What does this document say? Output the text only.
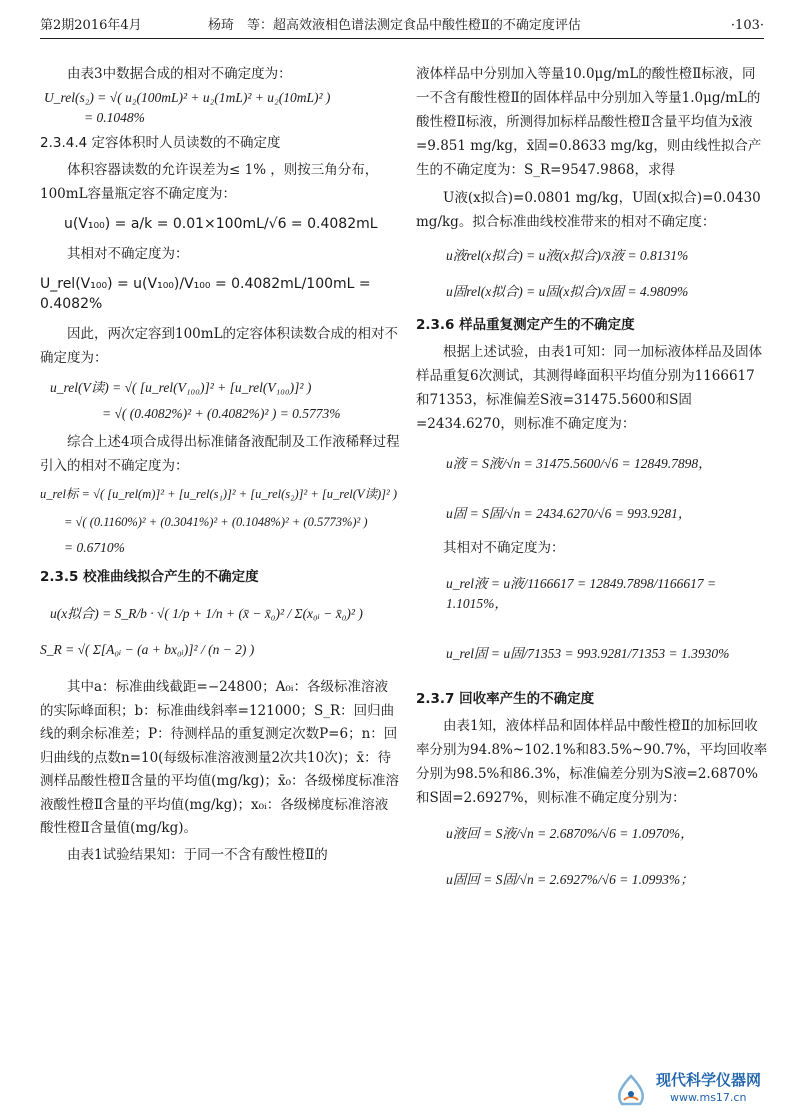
第2期2016年4月	杨琦　等：超高效液相色谱法测定食品中酸性橙Ⅱ的不确定度评估	·103·

由表3中数据合成的相对不确定度为：

U_rel(s₂) = √( u₂(100mL)² + u₂(1mL)² + u₂(10mL)² )
= 0.1048%
2.3.4.4 定容体积时人员读数的不确定度

体积容器读数的允许误差为≤ 1% ，则按三角分布，100mL容量瓶定容不确定度为：

u(V₁₀₀) = a/k = 0.01×100mL/√6 = 0.4082mL

其相对不确定度为：

U_rel(V₁₀₀) = u(V₁₀₀)/V₁₀₀ = 0.4082mL/100mL = 0.4082%

因此，两次定容到100mL的定容体积读数合成的相对不确定度为：

u_rel(V读) = √( [u_rel(V₁₀₀)]² + [u_rel(V₁₀₀)]² )
= √( (0.4082%)² + (0.4082%)² ) = 0.5773%

综合上述4项合成得出标准储备液配制及工作液稀释过程引入的相对不确定度为：

u_rel标 = √( [u_rel(m)]² + [u_rel(s₁)]² + [u_rel(s₂)]² + [u_rel(V读)]² )
= √( (0.1160%)² + (0.3041%)² + (0.1048%)² + (0.5773%)² )
= 0.6710%
2.3.5 校准曲线拟合产生的不确定度
u(x拟合) = S_R/b · √( 1/p + 1/n + (x̄ − x̄₀)² / Σ(x₀ᵢ − x̄₀)² )
S_R = √( Σ[A₀ᵢ − (a + bx₀ᵢ)]² / (n − 2) )

其中a：标准曲线截距=−24800；A₀ᵢ：各级标准溶液的实际峰面积；b：标准曲线斜率=121000；S_R：回归曲线的剩余标准差；P：待测样品的重复测定次数P=6；n：回归曲线的点数n=10(每级标准溶液测量2次共10次)；x̄：待测样品酸性橙Ⅱ含量的平均值(mg/kg)；x̄₀：各级梯度标准溶液酸性橙Ⅱ含量的平均值(mg/kg)；x₀ᵢ：各级梯度标准溶液酸性橙Ⅱ含量值(mg/kg)。

由表1试验结果知：于同一不含有酸性橙Ⅱ的

液体样品中分别加入等量10.0μg/mL的酸性橙Ⅱ标液，同一不含有酸性橙Ⅱ的固体样品中分别加入等量1.0μg/mL的酸性橙Ⅱ标液，所测得加标样品酸性橙Ⅱ含量平均值为x̄液=9.851 mg/kg，x̄固=0.8633 mg/kg，则由线性拟合产生的不确定度为：S_R=9547.9868，求得

U液(x拟合)=0.0801 mg/kg，U固(x拟合)=0.0430 mg/kg。拟合标准曲线校准带来的相对不确定度：

u液rel(x拟合) = u液(x拟合)/x̄液 = 0.8131%
u固rel(x拟合) = u固(x拟合)/x̄固 = 4.9809%
2.3.6 样品重复测定产生的不确定度

根据上述试验，由表1可知：同一加标液体样品及固体样品重复6次测试，其测得峰面积平均值分别为1166617和71353，标准偏差S液=31475.5600和S固=2434.6270，则标准不确定度为：

u液 = S液/√n = 31475.5600/√6 = 12849.7898，
u固 = S固/√n = 2434.6270/√6 = 993.9281，

其相对不确定度为：

u_rel液 = u液/1166617 = 12849.7898/1166617 = 1.1015%，
u_rel固 = u固/71353 = 993.9281/71353 = 1.3930%
2.3.7 回收率产生的不确定度

由表1知，液体样品和固体样品中酸性橙Ⅱ的加标回收率分别为94.8%~102.1%和83.5%~90.7%，平均回收率分别为98.5%和86.3%，标准偏差分别为S液=2.6870%和S固=2.6927%，则标准不确定度分别为：

u液回 = S液/√n = 2.6870%/√6 = 1.0970%，
u固回 = S固/√n = 2.6927%/√6 = 1.0993%；
现代科学仪器网
www.ms17.cn
